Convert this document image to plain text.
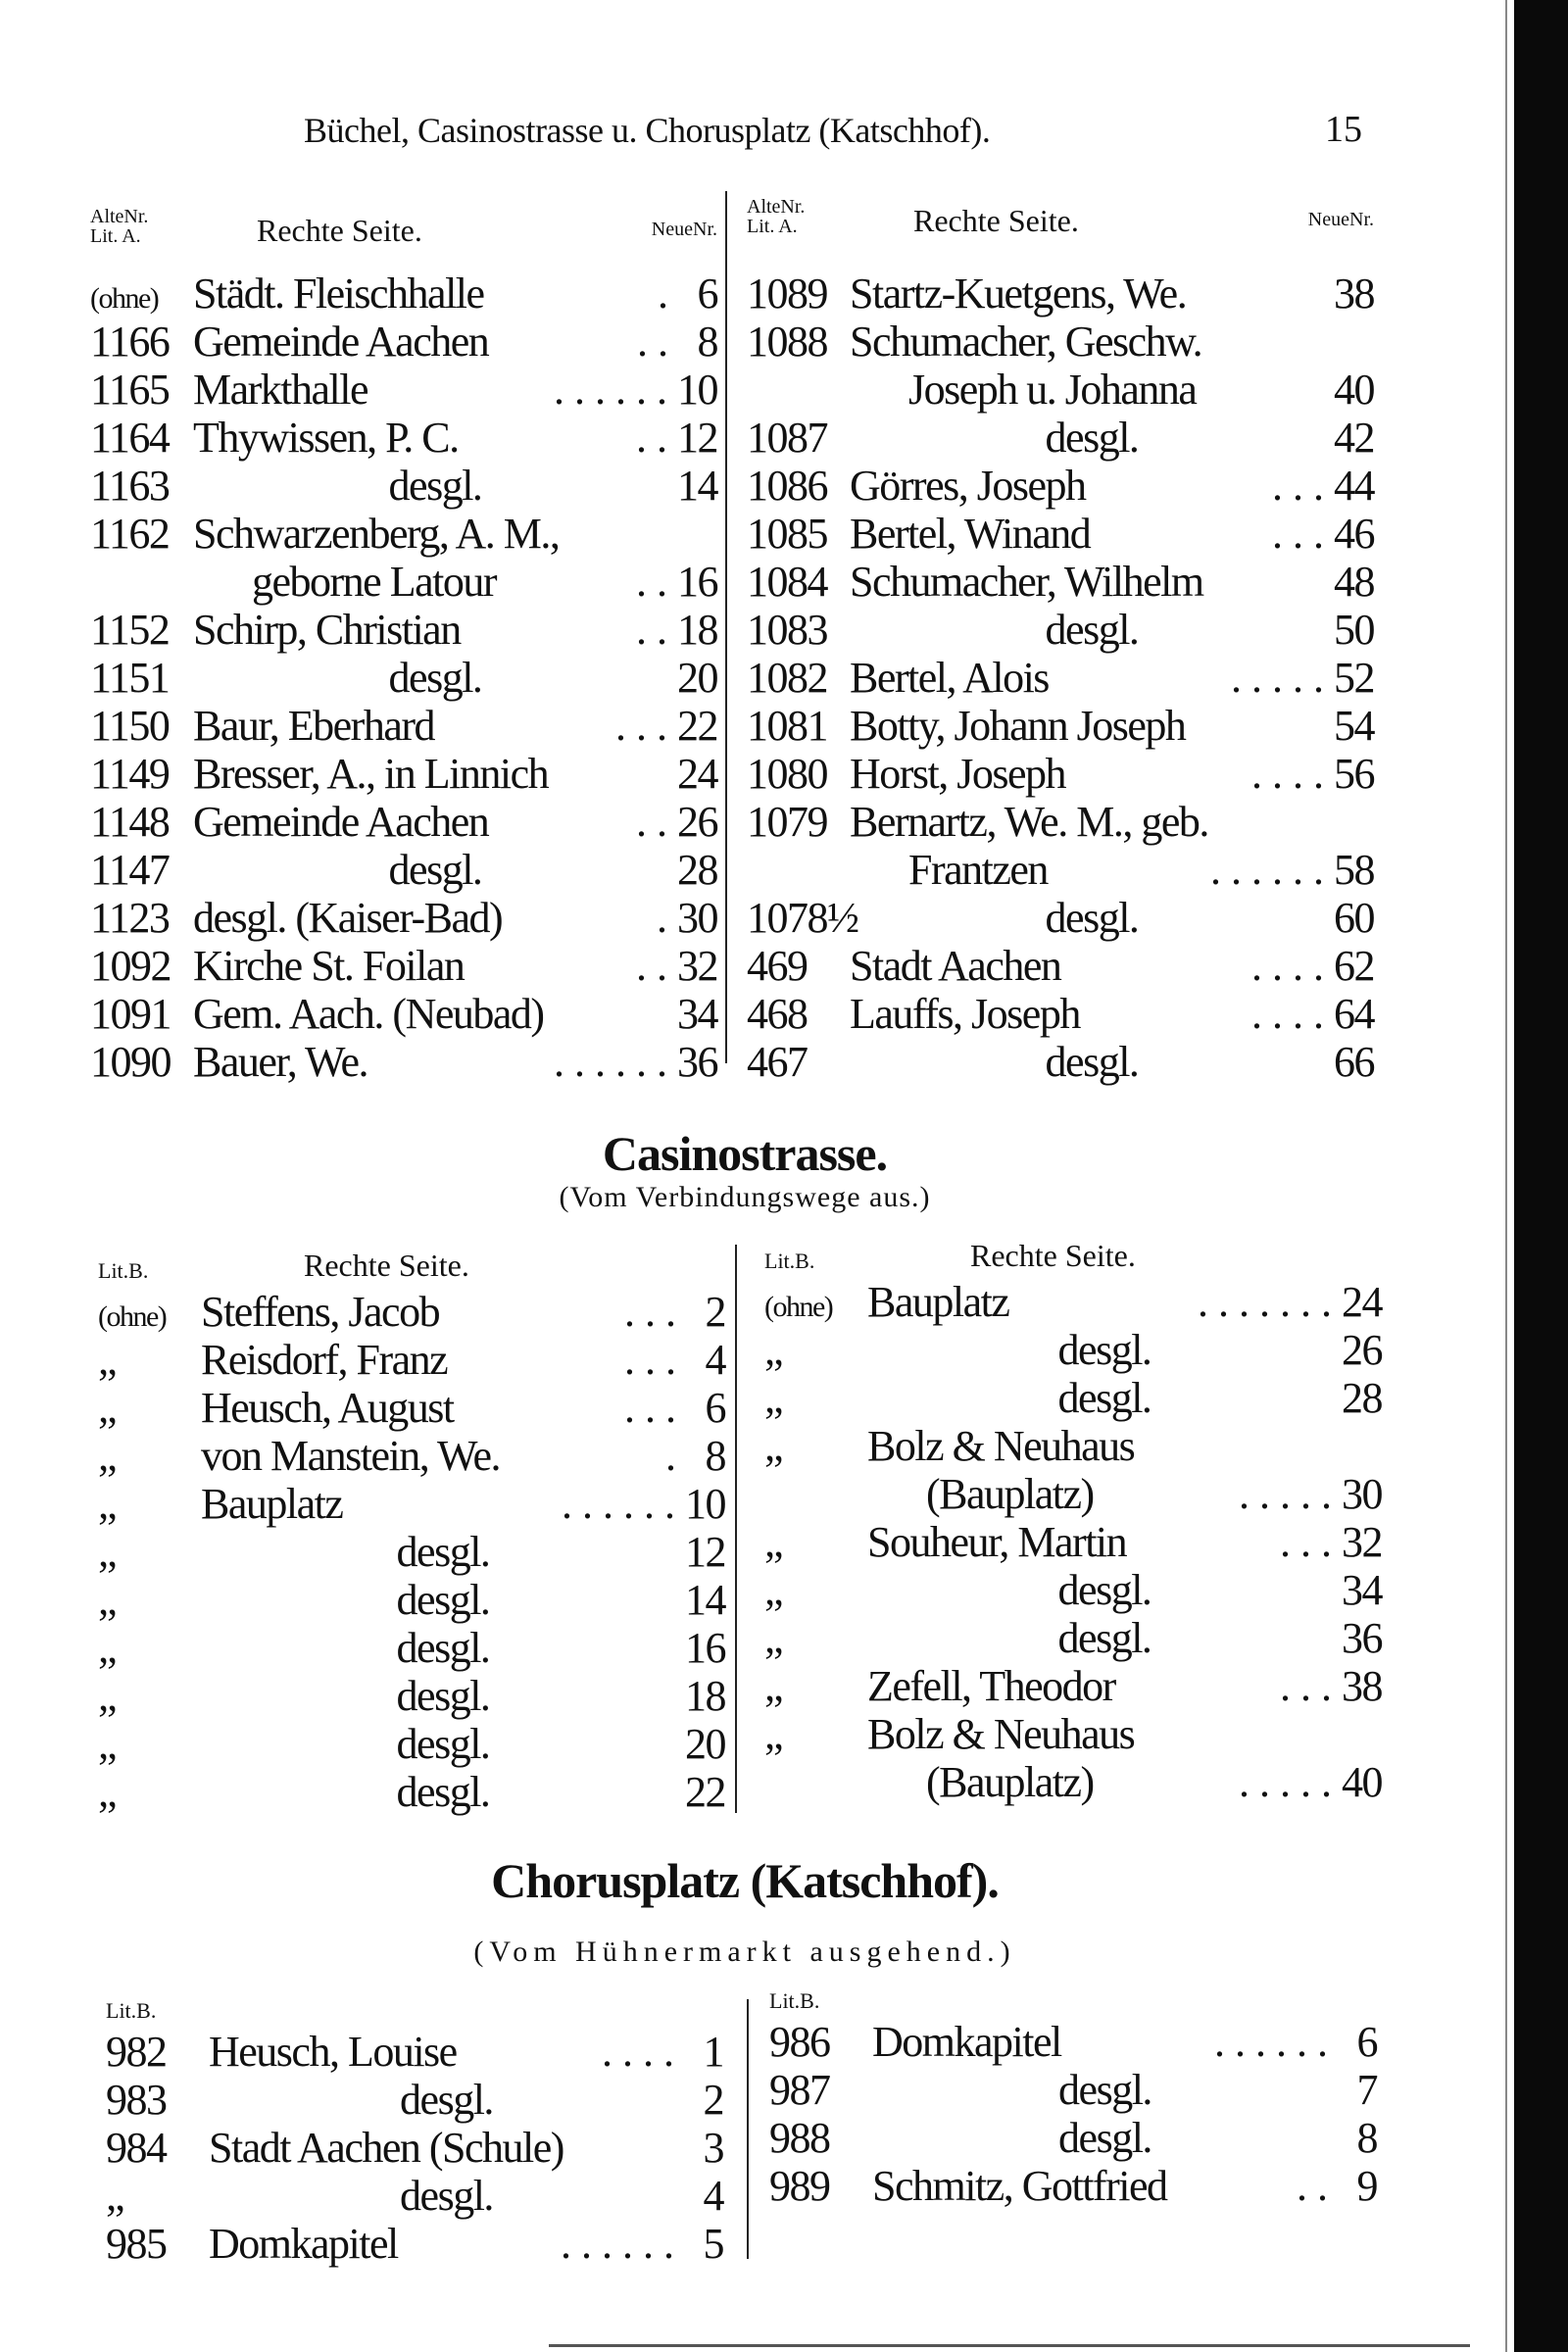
Büchel, Casinostrasse u. Chorusplatz (Katschhof).	15
AlteNr.
Lit. A.	Rechte Seite.	NeueNr.
(ohne) Städt. Fleischhalle	. 6
1166 Gemeinde Aachen	.. 8
1165 Markthalle	...... 10
1164 Thywissen, P. C.	.. 12
1163	desgl.	14
1162 Schwarzenberg, A. M.,
geborne Latour	.. 16
1152 Schirp, Christian	.. 18
1151	desgl.	20
1150 Baur, Eberhard	... 22
1149 Bresser, A., in Linnich	24
1148 Gemeinde Aachen	.. 26
1147	desgl.	28
1123 desgl. (Kaiser-Bad)	. 30
1092 Kirche St. Foilan	.. 32
1091 Gem. Aach. (Neubad)	34
1090 Bauer, We.	...... 36
AlteNr.
Lit. A.	Rechte Seite.	NeueNr.
1089 Startz-Kuetgens, We.	38
1088 Schumacher, Geschw.
Joseph u. Johanna	40
1087	desgl.	42
1086 Görres, Joseph	... 44
1085 Bertel, Winand	... 46
1084 Schumacher, Wilhelm	48
1083	desgl.	50
1082 Bertel, Alois	..... 52
1081 Botty, Johann Joseph	54
1080 Horst, Joseph	.... 56
1079 Bernartz, We. M., geb.
Frantzen	...... 58
1078½	desgl.	60
469 Stadt Aachen	.... 62
468 Lauffs, Joseph	.... 64
467	desgl.	66
Casinostrasse.
(Vom Verbindungswege aus.)
Lit.B.	Rechte Seite.
(ohne) Steffens, Jacob	... 2
„	Reisdorf, Franz	... 4
„	Heusch, August	... 6
„	von Manstein, We.	. 8
„	Bauplatz	...... 10
„	desgl.	12
„	desgl.	14
„	desgl.	16
„	desgl.	18
„	desgl.	20
„	desgl.	22
Lit.B.	Rechte Seite.
(ohne) Bauplatz	....... 24
„	desgl.	26
„	desgl.	28
„	Bolz & Neuhaus
(Bauplatz)	..... 30
„	Souheur, Martin	... 32
„	desgl.	34
„	desgl.	36
„	Zefell, Theodor	... 38
„	Bolz & Neuhaus
(Bauplatz)	..... 40
Chorusplatz (Katschhof).
(Vom Hühnermarkt ausgehend.)
Lit.B.
982 Heusch, Louise	.... 1
983	desgl.	2
984 Stadt Aachen (Schule)	3
„	desgl.	4
985 Domkapitel	...... 5
Lit.B.
986 Domkapitel	...... 6
987	desgl.	7
988	desgl.	8
989 Schmitz, Gottfried	.. 9
